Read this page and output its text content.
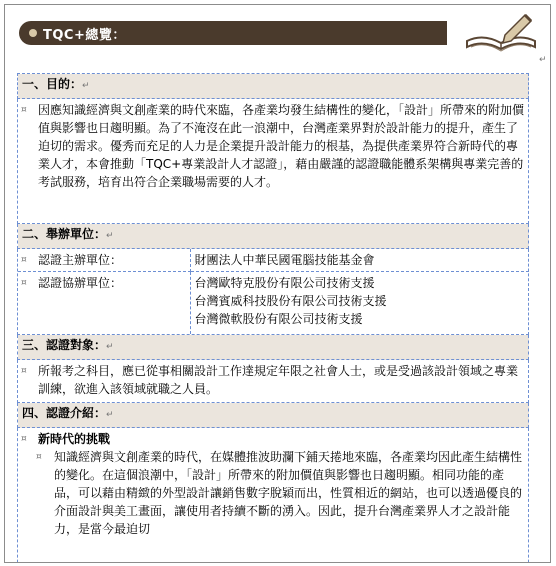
TQC+總覽：
↵
一、目的：↵

¤ 因應知識經濟與文創產業的時代來臨，各產業均發生結構性的變化，「設計」所帶來的附加價值與影響也日趨明顯。為了不淹沒在此一浪潮中，台灣產業界對於設計能力的提升，產生了迫切的需求。優秀而充足的人力是企業提升設計能力的根基，為提供產業界符合新時代的專業人才，本會推動「TQC+專業設計人才認證」，藉由嚴謹的認證職能體系架構與專業完善的考試服務，培育出符合企業職場需要的人才。

二、舉辦單位：↵

¤ 認證主辦單位：	財團法人中華民國電腦技能基金會

¤ 認證協辦單位：	台灣歐特克股份有限公司技術支援
台灣賓威科技股份有限公司技術支援
台灣微軟股份有限公司技術支援

三、認證對象：↵

¤ 所報考之科目，應已從事相關設計工作達規定年限之社會人士，或是受過該設計領域之專業訓練，欲進入該領域就職之人員。

四、認證介紹：↵

¤ 新時代的挑戰
¤ 知識經濟與文創產業的時代，在媒體推波助瀾下鋪天捲地來臨，各產業均因此產生結構性的變化。在這個浪潮中，「設計」所帶來的附加價值與影響也日趨明顯。相同功能的產品，可以藉由精緻的外型設計讓銷售數字脫穎而出，性質相近的網站，也可以透過優良的介面設計與美工畫面，讓使用者持續不斷的湧入。因此，提升台灣產業界人才之設計能力，是當今最迫切
